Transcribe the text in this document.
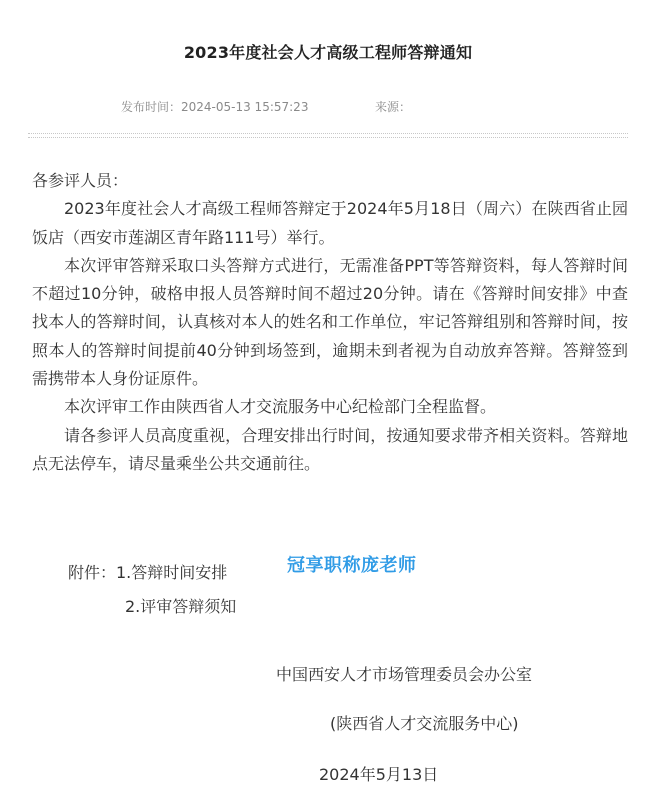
2023年度社会人才高级工程师答辩通知
发布时间：2024-05-13 15:57:23	来源：

各参评人员：

2023年度社会人才高级工程师答辩定于2024年5月18日（周六）在陕西省止园饭店（西安市莲湖区青年路111号）举行。

本次评审答辩采取口头答辩方式进行，无需准备PPT等答辩资料，每人答辩时间不超过10分钟，破格申报人员答辩时间不超过20分钟。请在《答辩时间安排》中查找本人的答辩时间，认真核对本人的姓名和工作单位，牢记答辩组别和答辩时间，按照本人的答辩时间提前40分钟到场签到，逾期未到者视为自动放弃答辩。答辩签到需携带本人身份证原件。

本次评审工作由陕西省人才交流服务中心纪检部门全程监督。

请各参评人员高度重视，合理安排出行时间，按通知要求带齐相关资料。答辩地点无法停车，请尽量乘坐公共交通前往。

附件：1.答辩时间安排
2.评审答辩须知
冠享职称庞老师
中国西安人才市场管理委员会办公室
(陕西省人才交流服务中心)
2024年5月13日
